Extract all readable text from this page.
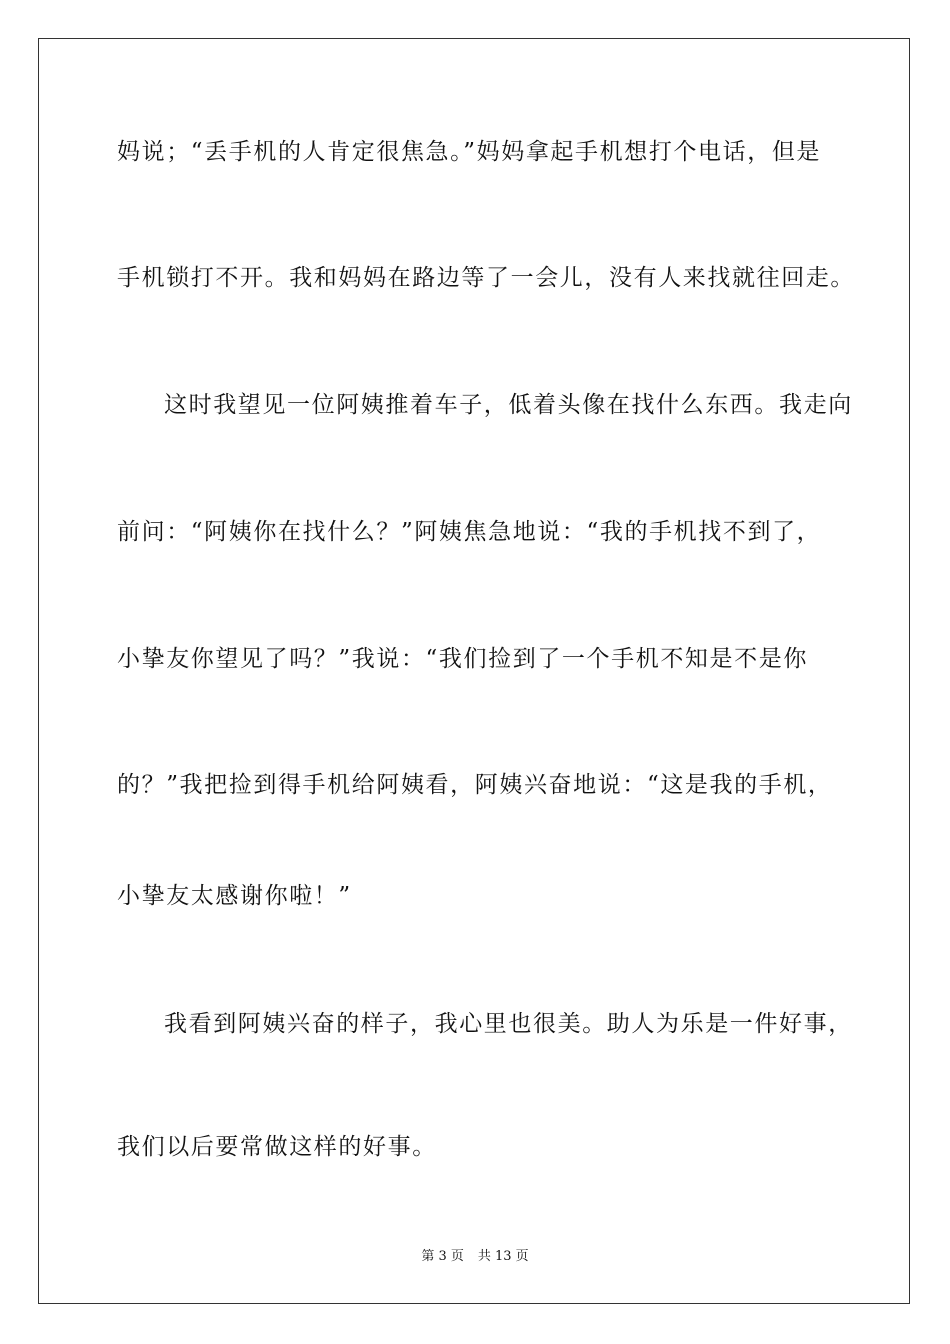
妈说；“丢手机的人肯定很焦急。”妈妈拿起手机想打个电话，但是
手机锁打不开。我和妈妈在路边等了一会儿，没有人来找就往回走。
这时我望见一位阿姨推着车子，低着头像在找什么东西。我走向
前问：“阿姨你在找什么？”阿姨焦急地说：“我的手机找不到了，
小挚友你望见了吗？”我说：“我们捡到了一个手机不知是不是你
的？”我把捡到得手机给阿姨看，阿姨兴奋地说：“这是我的手机，
小挚友太感谢你啦！”
我看到阿姨兴奋的样子，我心里也很美。助人为乐是一件好事，
我们以后要常做这样的好事。
第 3 页 共 13 页
